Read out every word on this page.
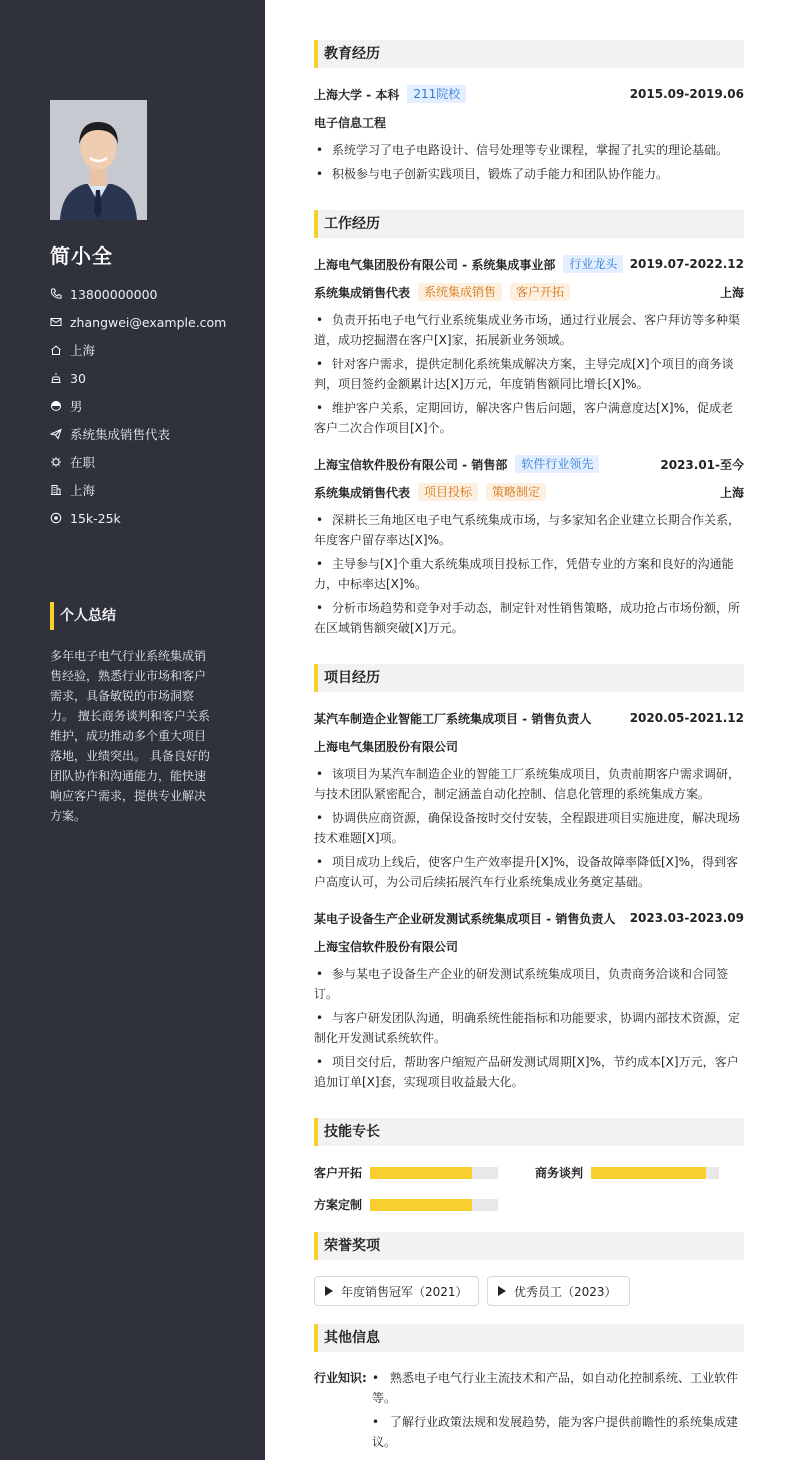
简小全
13800000000
zhangwei@example.com
上海
30
男
系统集成销售代表
在职
上海
15k-25k
个人总结
多年电子电气行业系统集成销售经验，熟悉行业市场和客户需求，具备敏锐的市场洞察力。 擅长商务谈判和客户关系维护，成功推动多个重大项目落地，业绩突出。 具备良好的团队协作和沟通能力，能快速响应客户需求，提供专业解决方案。
教育经历
上海大学 - 本科	211院校	2015.09-2019.06
电子信息工程
• 系统学习了电子电路设计、信号处理等专业课程，掌握了扎实的理论基础。
• 积极参与电子创新实践项目，锻炼了动手能力和团队协作能力。
工作经历
上海电气集团股份有限公司 - 系统集成事业部	行业龙头	2019.07-2022.12
系统集成销售代表	系统集成销售	客户开拓	上海
• 负责开拓电子电气行业系统集成业务市场，通过行业展会、客户拜访等多种渠道，成功挖掘潜在客户[X]家，拓展新业务领域。
• 针对客户需求，提供定制化系统集成解决方案，主导完成[X]个项目的商务谈判，项目签约金额累计达[X]万元，年度销售额同比增长[X]%。
• 维护客户关系，定期回访，解决客户售后问题，客户满意度达[X]%，促成老客户二次合作项目[X]个。
上海宝信软件股份有限公司 - 销售部	软件行业领先	2023.01-至今
系统集成销售代表	项目投标	策略制定	上海
• 深耕长三角地区电子电气系统集成市场，与多家知名企业建立长期合作关系，年度客户留存率达[X]%。
• 主导参与[X]个重大系统集成项目投标工作，凭借专业的方案和良好的沟通能力，中标率达[X]%。
• 分析市场趋势和竞争对手动态，制定针对性销售策略，成功抢占市场份额，所在区域销售额突破[X]万元。
项目经历
某汽车制造企业智能工厂系统集成项目 - 销售负责人	2020.05-2021.12
上海电气集团股份有限公司
• 该项目为某汽车制造企业的智能工厂系统集成项目，负责前期客户需求调研，与技术团队紧密配合，制定涵盖自动化控制、信息化管理的系统集成方案。
• 协调供应商资源，确保设备按时交付安装，全程跟进项目实施进度，解决现场技术难题[X]项。
• 项目成功上线后，使客户生产效率提升[X]%，设备故障率降低[X]%，得到客户高度认可，为公司后续拓展汽车行业系统集成业务奠定基础。
某电子设备生产企业研发测试系统集成项目 - 销售负责人 2023.03-2023.09
上海宝信软件股份有限公司
• 参与某电子设备生产企业的研发测试系统集成项目，负责商务洽谈和合同签订。
• 与客户研发团队沟通，明确系统性能指标和功能要求，协调内部技术资源，定制化开发测试系统软件。
• 项目交付后，帮助客户缩短产品研发测试周期[X]%，节约成本[X]万元，客户追加订单[X]套，实现项目收益最大化。
技能专长
客户开拓	商务谈判
方案定制
荣誉奖项
年度销售冠军（2021）	优秀员工（2023）
其他信息
行业知识: • 熟悉电子电气行业主流技术和产品，如自动化控制系统、工业软件等。
• 了解行业政策法规和发展趋势，能为客户提供前瞻性的系统集成建议。
